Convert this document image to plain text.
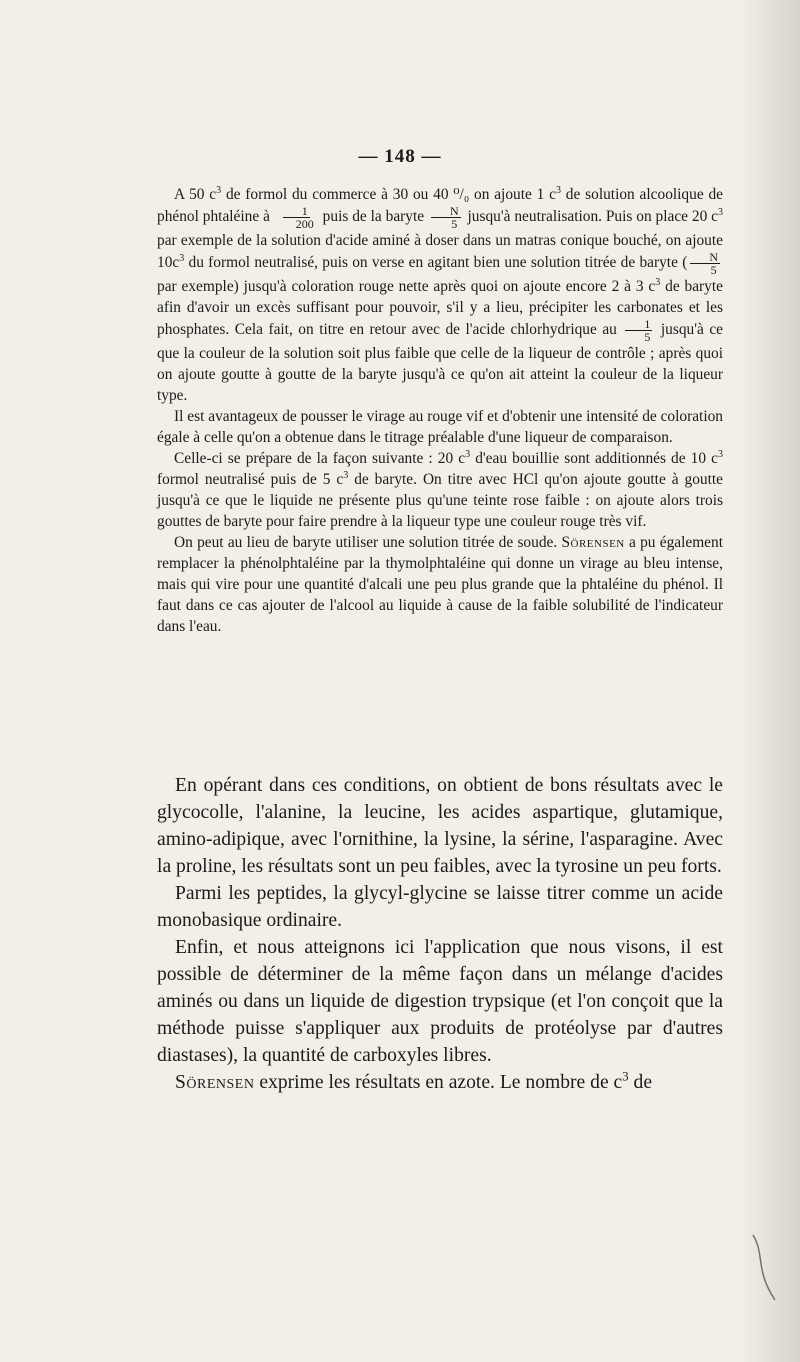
— 148 —

A 50 $c^3$ de formol du commerce à 30 ou 40 ⁰/₀ on ajoute 1 $c^3$ de solution alcoolique de phénol phtaléine à $\frac{1}{200}$ puis de la baryte $\frac{N}{5}$ jusqu'à neutralisation. Puis on place 20 $c^3$ par exemple de la solution d'acide aminé à doser dans un matras conique bouché, on ajoute $10c^3$ du formol neutralisé, puis on verse en agitant bien une solution titrée de baryte ( $\frac{N}{5}$
par exemple) jusqu'à coloration rouge nette après quoi on ajoute encore 2 à 3 $c^3$ de baryte afin d'avoir un excès suffisant pour pouvoir, s'il y a lieu, précipiter les carbonates et les phosphates. Cela fait, on titre en retour avec de l'acide chlorhydrique au $\frac{1}{5}$ jusqu'à ce que la couleur de la solution soit plus faible que celle de la liqueur de contrôle ; après quoi on ajoute goutte à goutte de la baryte jusqu'à ce qu'on ait atteint la couleur de la liqueur type.

Il est avantageux de pousser le virage au rouge vif et d'obtenir une intensité de coloration égale à celle qu'on a obtenue dans le titrage préalable d'une liqueur de comparaison.

Celle-ci se prépare de la façon suivante : 20 $c^3$ d'eau bouillie sont additionnés de 10 $c^3$ formol neutralisé puis de 5 $c^3$ de baryte. On titre avec HCl qu'on ajoute goutte à goutte jusqu'à ce que le liquide ne présente plus qu'une teinte rose faible : on ajoute alors trois gouttes de baryte pour faire prendre à la liqueur type une couleur rouge très vif.

On peut au lieu de baryte utiliser une solution titrée de soude. Sörensen a pu également remplacer la phénolphtaléine par la thymolphtaléine qui donne un virage au bleu intense, mais qui vire pour une quantité d'alcali une peu plus grande que la phtaléine du phénol. Il faut dans ce cas ajouter de l'alcool au liquide à cause de la faible solubilité de l'indicateur dans l'eau.

En opérant dans ces conditions, on obtient de bons résultats avec le glycocolle, l'alanine, la leucine, les acides aspartique, glutamique, amino-adipique, avec l'ornithine, la lysine, la sérine, l'asparagine. Avec la proline, les résultats sont un peu faibles, avec la tyrosine un peu forts.

Parmi les peptides, la glycyl-glycine se laisse titrer comme un acide monobasique ordinaire.

Enfin, et nous atteignons ici l'application que nous visons, il est possible de déterminer de la même façon dans un mélange d'acides aminés ou dans un liquide de digestion trypsique (et l'on conçoit que la méthode puisse s'appliquer aux produits de protéolyse par d'autres diastases), la quantité de carboxyles libres.

Sörensen exprime les résultats en azote. Le nombre de $c^3$ de
